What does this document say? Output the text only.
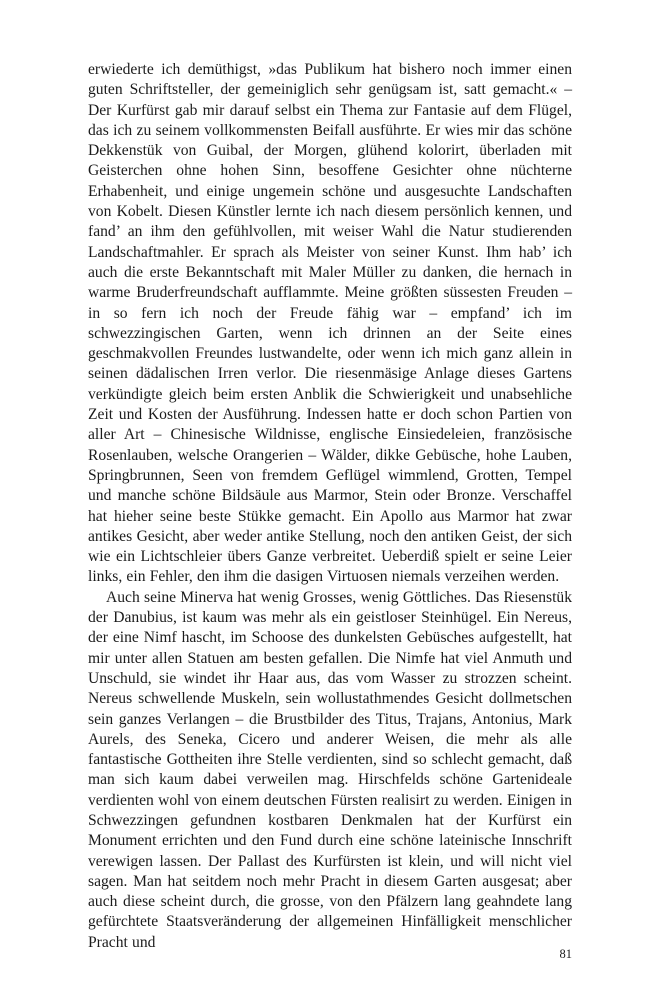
erwiederte ich demüthigst, »das Publikum hat bishero noch immer einen guten Schriftsteller, der gemeiniglich sehr genügsam ist, satt gemacht.« – Der Kurfürst gab mir darauf selbst ein Thema zur Fantasie auf dem Flügel, das ich zu seinem vollkommensten Beifall ausführte. Er wies mir das schöne Dekkenstük von Guibal, der Morgen, glühend kolorirt, überladen mit Geisterchen ohne hohen Sinn, besoffene Gesichter ohne nüchterne Erhabenheit, und einige ungemein schöne und ausgesuchte Landschaften von Kobelt. Diesen Künstler lernte ich nach diesem persönlich kennen, und fand’ an ihm den gefühlvollen, mit weiser Wahl die Natur studierenden Landschaftmahler. Er sprach als Meister von seiner Kunst. Ihm hab’ ich auch die erste Bekanntschaft mit Maler Müller zu danken, die hernach in warme Bruderfreundschaft aufflammte. Meine größten süssesten Freuden – in so fern ich noch der Freude fähig war – empfand’ ich im schwezzingischen Garten, wenn ich drinnen an der Seite eines geschmakvollen Freundes lustwandelte, oder wenn ich mich ganz allein in seinen dädalischen Irren verlor. Die riesenmäsige Anlage dieses Gartens verkündigte gleich beim ersten Anblik die Schwierigkeit und unabsehliche Zeit und Kosten der Ausführung. Indessen hatte er doch schon Partien von aller Art – Chinesische Wildnisse, englische Einsiedeleien, französische Rosenlauben, welsche Orangerien – Wälder, dikke Gebüsche, hohe Lauben, Springbrunnen, Seen von fremdem Geflügel wimmlend, Grotten, Tempel und manche schöne Bildsäule aus Marmor, Stein oder Bronze. Verschaffel hat hieher seine beste Stükke gemacht. Ein Apollo aus Marmor hat zwar antikes Gesicht, aber weder antike Stellung, noch den antiken Geist, der sich wie ein Lichtschleier übers Ganze verbreitet. Ueberdiß spielt er seine Leier links, ein Fehler, den ihm die dasigen Virtuosen niemals verzeihen werden.

Auch seine Minerva hat wenig Grosses, wenig Göttliches. Das Riesenstük der Danubius, ist kaum was mehr als ein geistloser Steinhügel. Ein Nereus, der eine Nimf hascht, im Schoose des dunkelsten Gebüsches aufgestellt, hat mir unter allen Statuen am besten gefallen. Die Nimfe hat viel Anmuth und Unschuld, sie windet ihr Haar aus, das vom Wasser zu strozzen scheint. Nereus schwellende Muskeln, sein wollustathmendes Gesicht dollmetschen sein ganzes Verlangen – die Brustbilder des Titus, Trajans, Antonius, Mark Aurels, des Seneka, Cicero und anderer Weisen, die mehr als alle fantastische Gottheiten ihre Stelle verdienten, sind so schlecht gemacht, daß man sich kaum dabei verweilen mag. Hirschfelds schöne Gartenideale verdienten wohl von einem deutschen Fürsten realisirt zu werden. Einigen in Schwezzingen gefundnen kostbaren Denkmalen hat der Kurfürst ein Monument errichten und den Fund durch eine schöne lateinische Innschrift verewigen lassen. Der Pallast des Kurfürsten ist klein, und will nicht viel sagen. Man hat seitdem noch mehr Pracht in diesem Garten ausgesat; aber auch diese scheint durch, die grosse, von den Pfälzern lang geahndete lang gefürchtete Staatsveränderung der allgemeinen Hinfälligkeit menschlicher Pracht und

81
